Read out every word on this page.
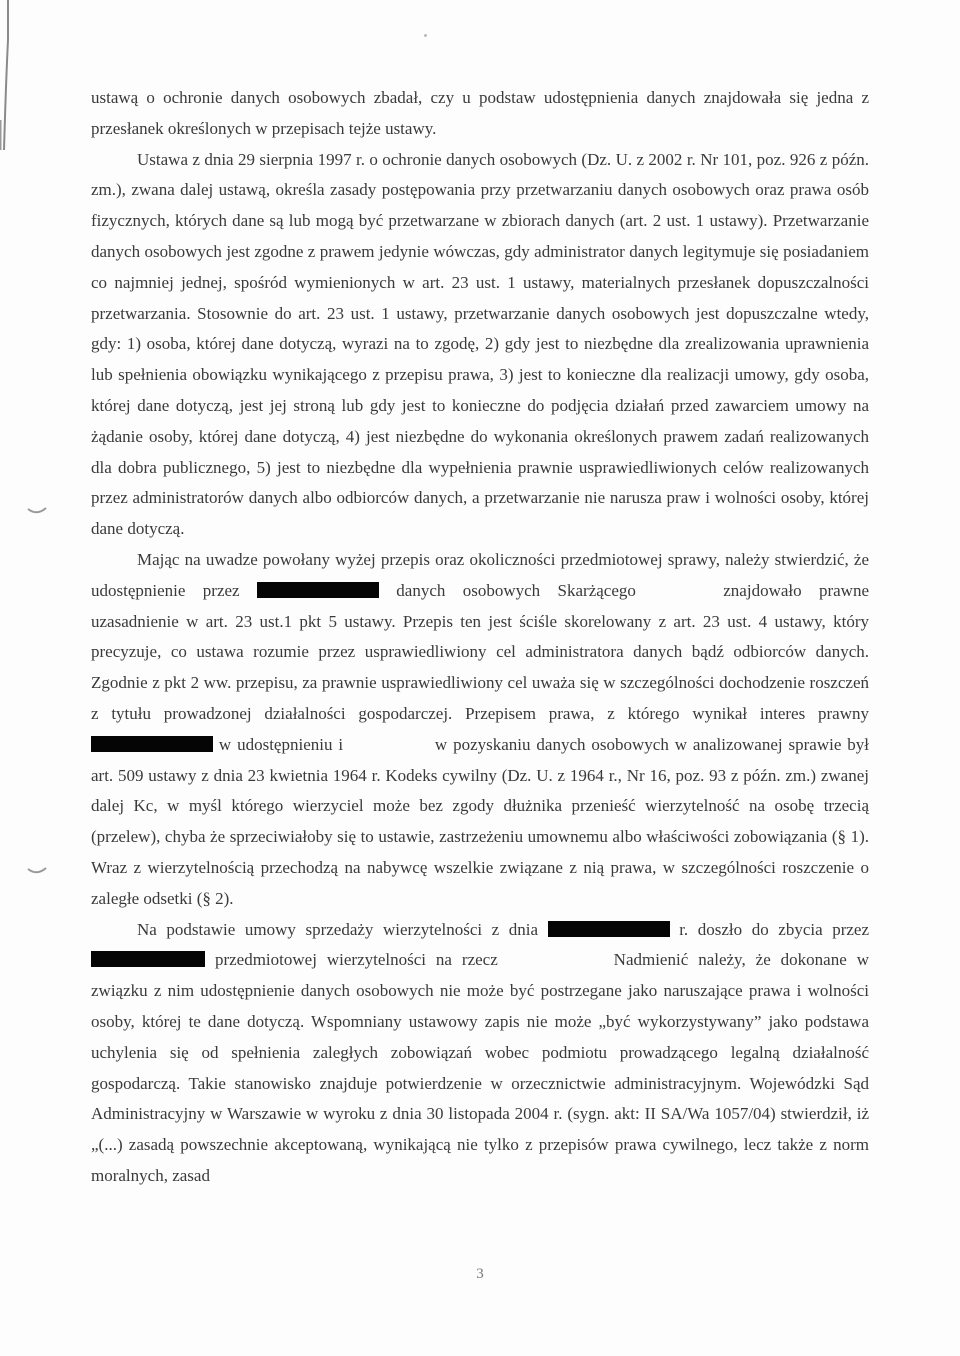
ustawą o ochronie danych osobowych zbadał, czy u podstaw udostępnienia danych znajdowała się jedna z przesłanek określonych w przepisach tejże ustawy.

Ustawa z dnia 29 sierpnia 1997 r. o ochronie danych osobowych (Dz. U. z 2002 r. Nr 101, poz. 926 z późn. zm.), zwana dalej ustawą, określa zasady postępowania przy przetwarzaniu danych osobowych oraz prawa osób fizycznych, których dane są lub mogą być przetwarzane w zbiorach danych (art. 2 ust. 1 ustawy). Przetwarzanie danych osobowych jest zgodne z prawem jedynie wówczas, gdy administrator danych legitymuje się posiadaniem co najmniej jednej, spośród wymienionych w art. 23 ust. 1 ustawy, materialnych przesłanek dopuszczalności przetwarzania. Stosownie do art. 23 ust. 1 ustawy, przetwarzanie danych osobowych jest dopuszczalne wtedy, gdy: 1) osoba, której dane dotyczą, wyrazi na to zgodę, 2) gdy jest to niezbędne dla zrealizowania uprawnienia lub spełnienia obowiązku wynikającego z przepisu prawa, 3) jest to konieczne dla realizacji umowy, gdy osoba, której dane dotyczą, jest jej stroną lub gdy jest to konieczne do podjęcia działań przed zawarciem umowy na żądanie osoby, której dane dotyczą, 4) jest niezbędne do wykonania określonych prawem zadań realizowanych dla dobra publicznego, 5) jest to niezbędne dla wypełnienia prawnie usprawiedliwionych celów realizowanych przez administratorów danych albo odbiorców danych, a przetwarzanie nie narusza praw i wolności osoby, której dane dotyczą.

Mając na uwadze powołany wyżej przepis oraz okoliczności przedmiotowej sprawy, należy stwierdzić, że udostępnienie przez	danych osobowych Skarżącego	znajdowało prawne uzasadnienie w art. 23 ust.1 pkt 5 ustawy. Przepis ten jest ściśle skorelowany z art. 23 ust. 4 ustawy, który precyzuje, co ustawa rozumie przez usprawiedliwiony cel administratora danych bądź odbiorców danych. Zgodnie z pkt 2 ww. przepisu, za prawnie usprawiedliwiony cel uważa się w szczególności dochodzenie roszczeń z tytułu prowadzonej działalności gospodarczej. Przepisem prawa, z którego wynikał interes prawny w udostępnieniu i	w pozyskaniu danych osobowych w analizowanej sprawie był art. 509 ustawy z dnia 23 kwietnia 1964 r. Kodeks cywilny (Dz. U. z 1964 r., Nr 16, poz. 93 z późn. zm.) zwanej dalej Kc, w myśl którego wierzyciel może bez zgody dłużnika przenieść wierzytelność na osobę trzecią (przelew), chyba że sprzeciwiałoby się to ustawie, zastrzeżeniu umownemu albo właściwości zobowiązania (§ 1). Wraz z wierzytelnością przechodzą na nabywcę wszelkie związane z nią prawa, w szczególności roszczenie o zaległe odsetki (§ 2).

Na podstawie umowy sprzedaży wierzytelności z dnia	r. doszło do zbycia przez  przedmiotowej wierzytelności na rzecz	Nadmienić należy, że dokonane w związku z nim udostępnienie danych osobowych nie może być postrzegane jako naruszające prawa i wolności osoby, której te dane dotyczą. Wspomniany ustawowy zapis nie może „być wykorzystywany” jako podstawa uchylenia się od spełnienia zaległych zobowiązań wobec podmiotu prowadzącego legalną działalność gospodarczą. Takie stanowisko znajduje potwierdzenie w orzecznictwie administracyjnym. Wojewódzki Sąd Administracyjny w Warszawie w wyroku z dnia 30 listopada 2004 r. (sygn. akt: II SA/Wa 1057/04) stwierdził, iż „(...) zasadą powszechnie akceptowaną, wynikającą nie tylko z przepisów prawa cywilnego, lecz także z norm moralnych, zasad

3
